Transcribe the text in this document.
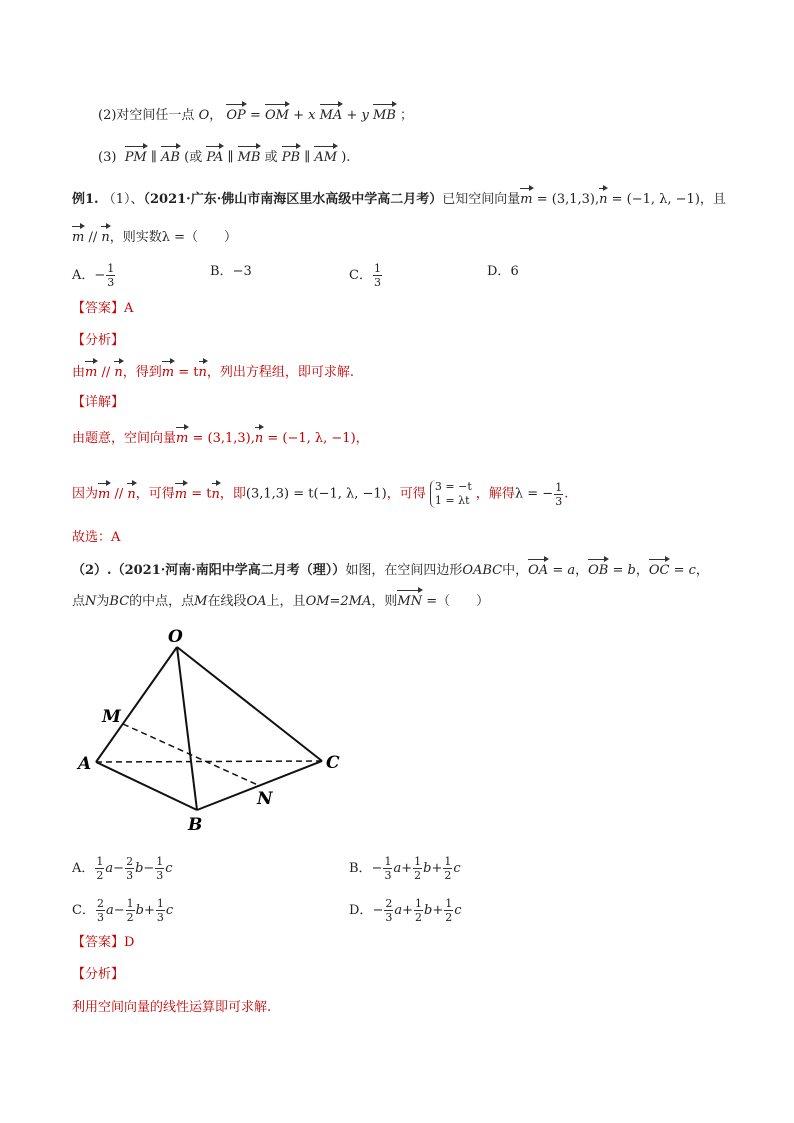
(2)对空间任一点 O， OP = OM + x MA + y MB ；
(3) PM ∥ AB (或 PA ∥ MB 或 PB ∥ AM ).
例1. （1）、（2021·广东·佛山市南海区里水高级中学高二月考）已知空间向量m = (3,1,3),n = (−1, λ, −1)，且
m // n，则实数λ =（　　）
A．− $\frac{1}{3}$	B．−3	C． $\frac{1}{3}$	D．6
【答案】A
【分析】
由m // n，得到m = tn，列出方程组，即可求解.
【详解】
由题意，空间向量m = (3,1,3),n = (−1, λ, −1)，
因为m // n，可得m = tn，即(3,1,3) = t(−1, λ, −1)，可得 3 = −t
1 = λt ，解得λ = − $\frac{1}{3}$ .
故选：A
（2）.（2021·河南·南阳中学高二月考（理））如图，在空间四边形OABC中，OA = a，OB = b，OC = c，
点N为BC的中点，点M在线段OA上，且OM=2MA，则MN =（　　）
O
M
A	C
N
B
A． $\frac{1}{2} a- \frac{2}{3} b- \frac{1}{3}$ c	B．− $\frac{1}{3} a+ \frac{1}{2} b+ \frac{1}{2}$ c
C． $\frac{2}{3} a- \frac{1}{2} b+ \frac{1}{3}$ c	D．− $\frac{2}{3} a+ \frac{1}{2} b+ \frac{1}{2}$ c
【答案】D
【分析】
利用空间向量的线性运算即可求解.
